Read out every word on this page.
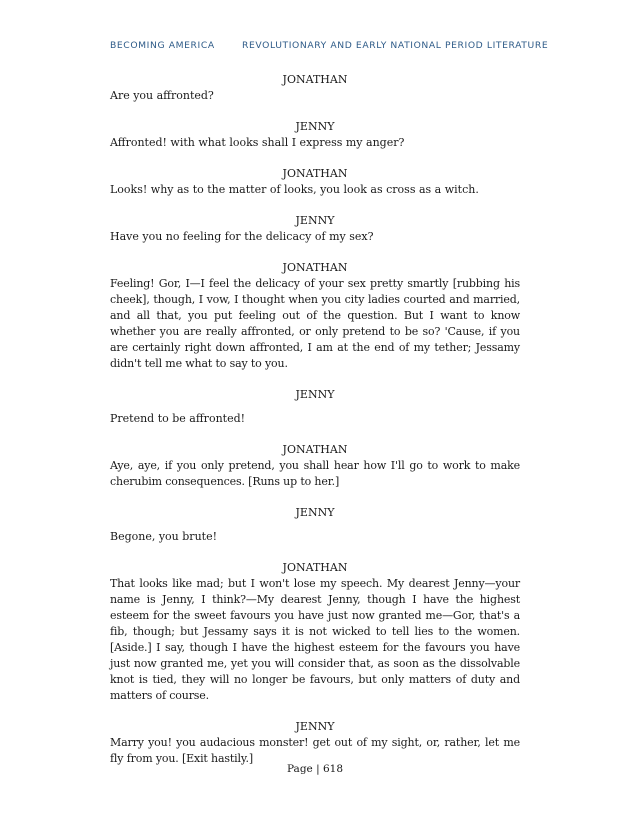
BECOMING AMERICA	REVOLUTIONARY AND EARLY NATIONAL PERIOD LITERATURE

JONATHAN

Are you affronted?

JENNY

Affronted! with what looks shall I express my anger?

JONATHAN

Looks! why as to the matter of looks, you look as cross as a witch.

JENNY

Have you no feeling for the delicacy of my sex?

JONATHAN

Feeling! Gor, I—I feel the delicacy of your sex pretty smartly [rubbing his cheek], though, I vow, I thought when you city ladies courted and married, and all that, you put feeling out of the question. But I want to know whether you are really affronted, or only pretend to be so? 'Cause, if you are certainly right down affronted, I am at the end of my tether; Jessamy didn't tell me what to say to you.

JENNY

Pretend to be affronted!

JONATHAN

Aye, aye, if you only pretend, you shall hear how I'll go to work to make cherubim consequences. [Runs up to her.]

JENNY

Begone, you brute!

JONATHAN

That looks like mad; but I won't lose my speech. My dearest Jenny—your name is Jenny, I think?—My dearest Jenny, though I have the highest esteem for the sweet favours you have just now granted me—Gor, that's a fib, though; but Jessamy says it is not wicked to tell lies to the women. [Aside.] I say, though I have the highest esteem for the favours you have just now granted me, yet you will consider that, as soon as the dissolvable knot is tied, they will no longer be favours, but only matters of duty and matters of course.

JENNY

Marry you! you audacious monster! get out of my sight, or, rather, let me fly from you. [Exit hastily.]

Page | 618
